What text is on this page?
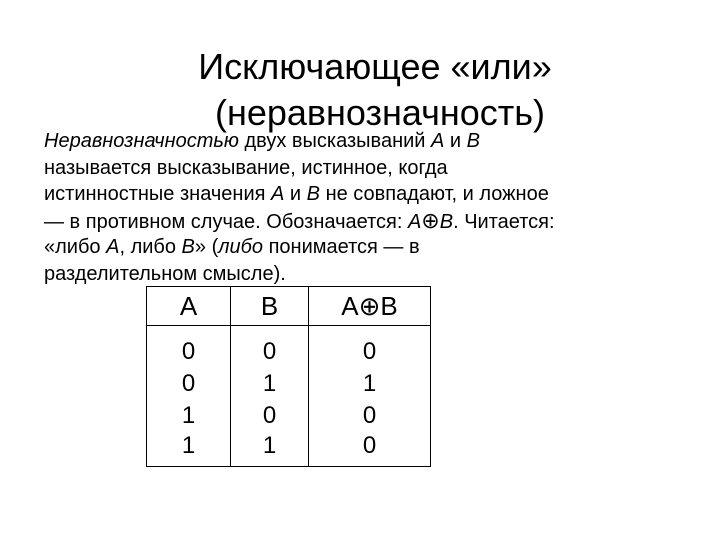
Исключающее «или»
(неравнозначность)
Неравнозначностью двух высказываний A и B
называется высказывание, истинное, когда
истинностные значения A и B не совпадают, и ложное
— в противном случае. Обозначается: A⊕B. Читается:
«либо A, либо B» (либо понимается — в
разделительном смысле).
A	B	A⊕B

0	0	0
0	1	1
1	0	0
1	1	0
